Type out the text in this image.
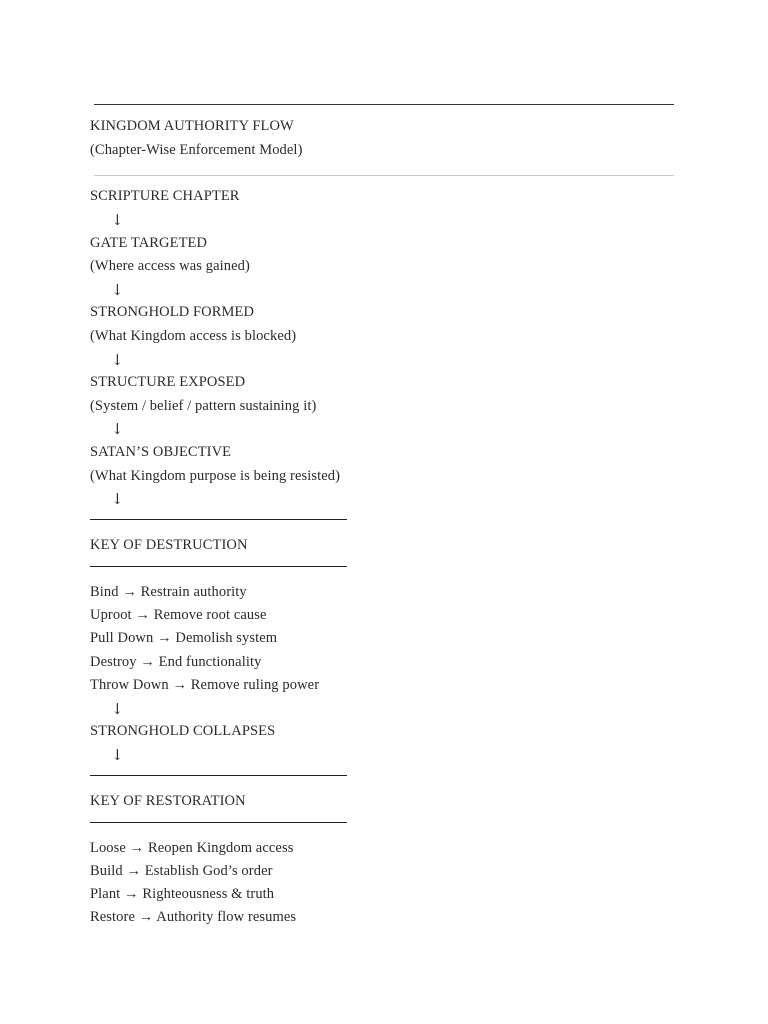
KINGDOM AUTHORITY FLOW
(Chapter-Wise Enforcement Model)
SCRIPTURE CHAPTER
↓
GATE TARGETED
(Where access was gained)
↓
STRONGHOLD FORMED
(What Kingdom access is blocked)
↓
STRUCTURE EXPOSED
(System / belief / pattern sustaining it)
↓
SATAN’S OBJECTIVE
(What Kingdom purpose is being resisted)
↓
KEY OF DESTRUCTION
Bind → Restrain authority
Uproot → Remove root cause
Pull Down → Demolish system
Destroy → End functionality
Throw Down → Remove ruling power
↓
STRONGHOLD COLLAPSES
↓
KEY OF RESTORATION
Loose → Reopen Kingdom access
Build → Establish God’s order
Plant → Righteousness & truth
Restore → Authority flow resumes
